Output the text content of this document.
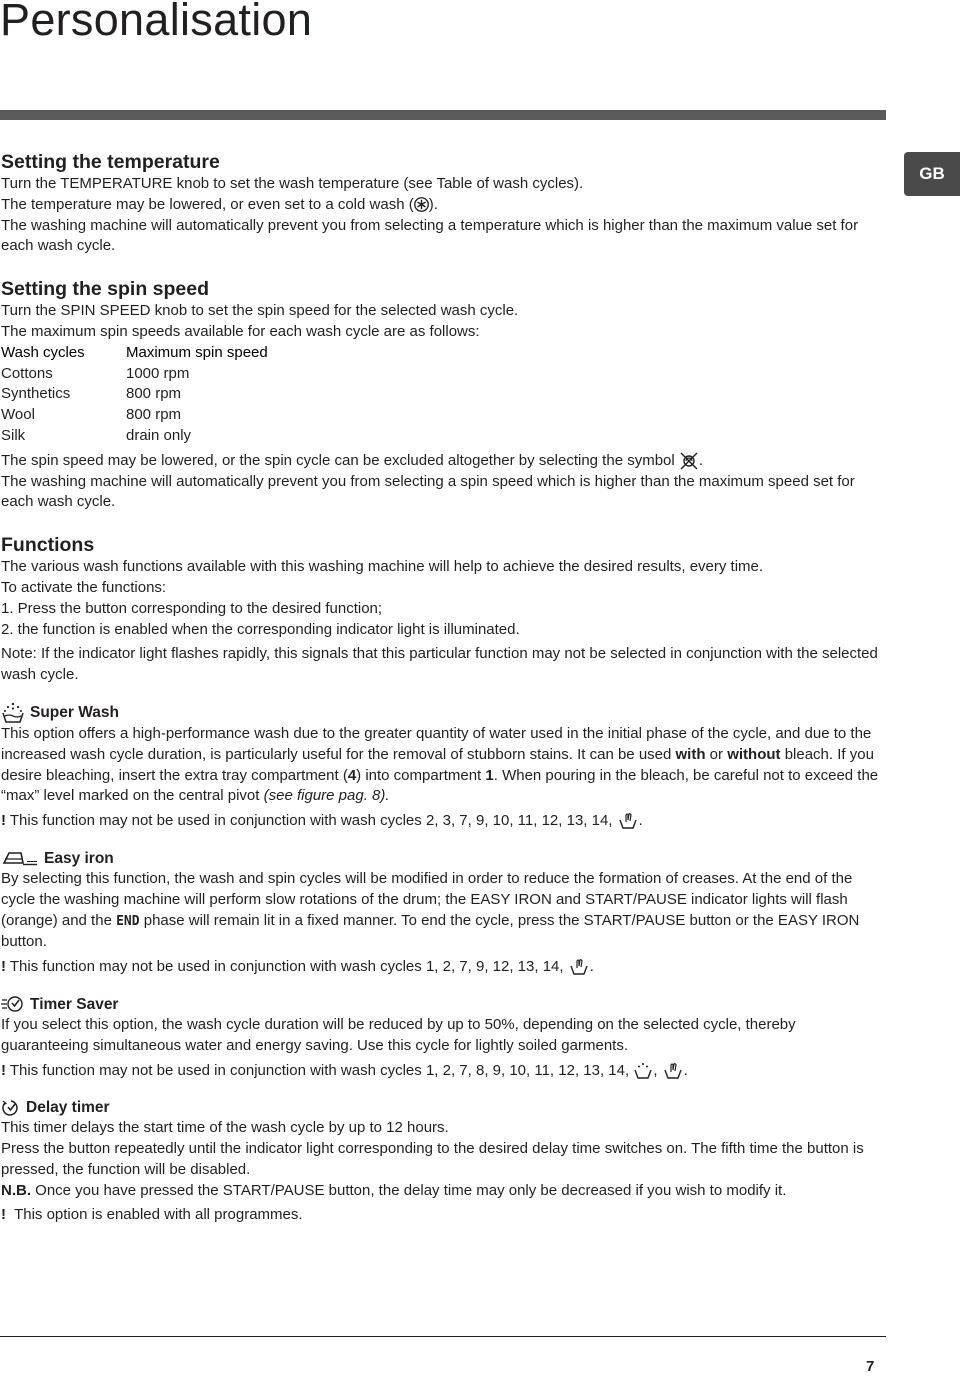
Personalisation
GB
Setting the temperature

Turn the TEMPERATURE knob to set the wash temperature (see Table of wash cycles).

The temperature may be lowered, or even set to a cold wash ( ).

The washing machine will automatically prevent you from selecting a temperature which is higher than the maximum value set for each wash cycle.

Setting the spin speed

Turn the SPIN SPEED knob to set the spin speed for the selected wash cycle.

The maximum spin speeds available for each wash cycle are as follows:

Wash cycles	Maximum spin speed
Cottons	1000 rpm
Synthetics	800 rpm
Wool	800 rpm
Silk	drain only

The spin speed may be lowered, or the spin cycle can be excluded altogether by selecting the symbol .

The washing machine will automatically prevent you from selecting a spin speed which is higher than the maximum speed set for each wash cycle.

Functions

The various wash functions available with this washing machine will help to achieve the desired results, every time.

To activate the functions:

1. Press the button corresponding to the desired function;

2. the function is enabled when the corresponding indicator light is illuminated.

Note: If the indicator light flashes rapidly, this signals that this particular function may not be selected in conjunction with the selected wash cycle.

Super Wash

This option offers a high-performance wash due to the greater quantity of water used in the initial phase of the cycle, and due to the increased wash cycle duration, is particularly useful for the removal of stubborn stains. It can be used with or without bleach. If you desire bleaching, insert the extra tray compartment (4) into compartment 1. When pouring in the bleach, be careful not to exceed the “max” level marked on the central pivot (see figure pag. 8).

! This function may not be used in conjunction with wash cycles 2, 3, 7, 9, 10, 11, 12, 13, 14,
.

Easy iron

By selecting this function, the wash and spin cycles will be modified in order to reduce the formation of creases. At the end of the cycle the washing machine will perform slow rotations of the drum; the EASY IRON and START/PAUSE indicator lights will flash (orange) and the END phase will remain lit in a fixed manner. To end the cycle, press the START/PAUSE button or the EASY IRON button.

! This function may not be used in conjunction with wash cycles 1, 2, 7, 9, 12, 13, 14,
.

Timer Saver

If you select this option, the wash cycle duration will be reduced by up to 50%, depending on the selected cycle, thereby guaranteeing simultaneous water and energy saving. Use this cycle for lightly soiled garments.

! This function may not be used in conjunction with wash cycles 1, 2, 7, 8, 9, 10, 11, 12, 13, 14,
,
.

Delay timer

This timer delays the start time of the wash cycle by up to 12 hours.

Press the button repeatedly until the indicator light corresponding to the desired delay time switches on. The fifth time the button is pressed, the function will be disabled.

N.B. Once you have pressed the START/PAUSE button, the delay time may only be decreased if you wish to modify it.

!  This option is enabled with all programmes.

7
